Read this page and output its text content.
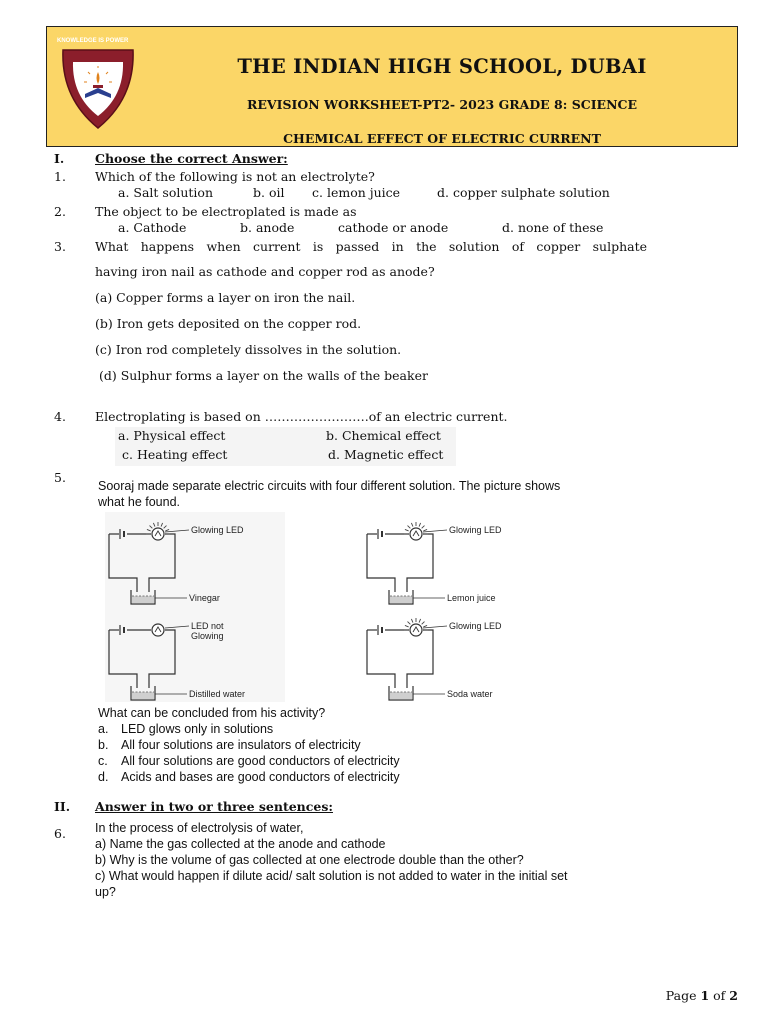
KNOWLEDGE IS POWER
THE INDIAN HIGH SCHOOL, DUBAI
REVISION WORKSHEET-PT2- 2023 GRADE 8: SCIENCE
CHEMICAL EFFECT OF ELECTRIC CURRENT
I. Choose the correct Answer:
1. Which of the following is not an electrolyte?
a. Salt solution	b. oil c. lemon juice	d. copper sulphate solution
2. The object to be electroplated is made as
a. Cathode	b. anode	cathode or anode	d. none of these
3. What happens when current is passed in the solution of copper sulphate
having iron nail as cathode and copper rod as anode?
(a) Copper forms a layer on iron the nail.
(b) Iron gets deposited on the copper rod.
(c) Iron rod completely dissolves in the solution.
(d) Sulphur forms a layer on the walls of the beaker
4. Electroplating is based on …………………….of an electric current.
a. Physical effect	b. Chemical effect
c. Heating effect	d. Magnetic effect
5.
Sooraj made separate electric circuits with four different solution. The picture shows
what he found.
Glowing LED
Vinegar
Glowing LED
Lemon juice
LED not
Glowing
Distilled water
Glowing LED
Soda water
What can be concluded from his activity?
a. LED glows only in solutions
b. All four solutions are insulators of electricity
c. All four solutions are good conductors of electricity
d. Acids and bases are good conductors of electricity
II. Answer in two or three sentences:
6. In the process of electrolysis of water,
a) Name the gas collected at the anode and cathode
b) Why is the volume of gas collected at one electrode double than the other?
c) What would happen if dilute acid/ salt solution is not added to water in the initial set
up?
Page 1 of 2
